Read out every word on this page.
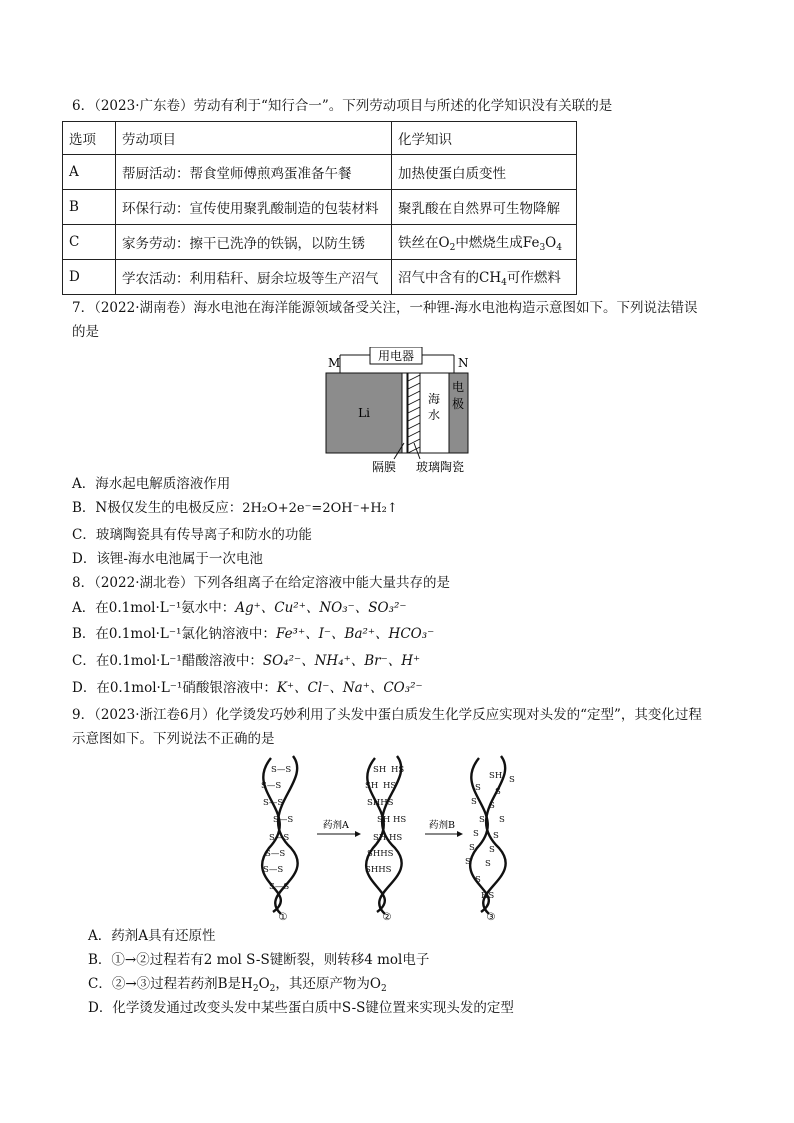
6．（2023·广东卷）劳动有利于“知行合一”。下列劳动项目与所述的化学知识没有关联的是
选项	劳动项目	化学知识
A	帮厨活动：帮食堂师傅煎鸡蛋准备午餐	加热使蛋白质变性
B	环保行动：宣传使用聚乳酸制造的包装材料	聚乳酸在自然界可生物降解
C	家务劳动：擦干已洗净的铁锅，以防生锈	铁丝在$O_2$中燃烧生成$Fe_3O_4$
D	学农活动：利用秸秆、厨余垃圾等生产沼气	沼气中含有的$CH_4$可作燃料
7．（2022·湖南卷）海水电池在海洋能源领域备受关注，一种锂-海水电池构造示意图如下。下列说法错误
的是
用电器
M	N
Li
海
水
电
极
隔膜 玻璃陶瓷
A．海水起电解质溶液作用
B．N极仅发生的电极反应：2H₂O+2e⁻=2OH⁻+H₂↑
C．玻璃陶瓷具有传导离子和防水的功能
D．该锂-海水电池属于一次电池
8．（2022·湖北卷）下列各组离子在给定溶液中能大量共存的是
A．在0.1mol·L⁻¹氨水中：Ag⁺、Cu²⁺、NO₃⁻、SO₃²⁻
B．在0.1mol·L⁻¹氯化钠溶液中：Fe³⁺、I⁻、Ba²⁺、HCO₃⁻
C．在0.1mol·L⁻¹醋酸溶液中：SO₄²⁻、NH₄⁺、Br⁻、H⁺
D．在0.1mol·L⁻¹硝酸银溶液中：K⁺、Cl⁻、Na⁺、CO₃²⁻
9．（2023·浙江卷6月）化学烫发巧妙利用了头发中蛋白质发生化学反应实现对头发的“定型”，其变化过程
示意图如下。下列说法不正确的是
S—S
S—S
S—S
S—S
S—S
S—S
S—S
S—S
SH HS
SH HS
SHHS
SH HS
SH HS
SHHS
SHHS
SH S
S S
S S
S S
S S
S S
S S
S
HS
药剂A	药剂B
①	②	③
A．药剂A具有还原性
B．①→②过程若有2 mol S-S键断裂，则转移4 mol电子
C．②→③过程若药剂B是$H_2O_2$，其还原产物为$O_2$
D．化学烫发通过改变头发中某些蛋白质中S-S键位置来实现头发的定型
